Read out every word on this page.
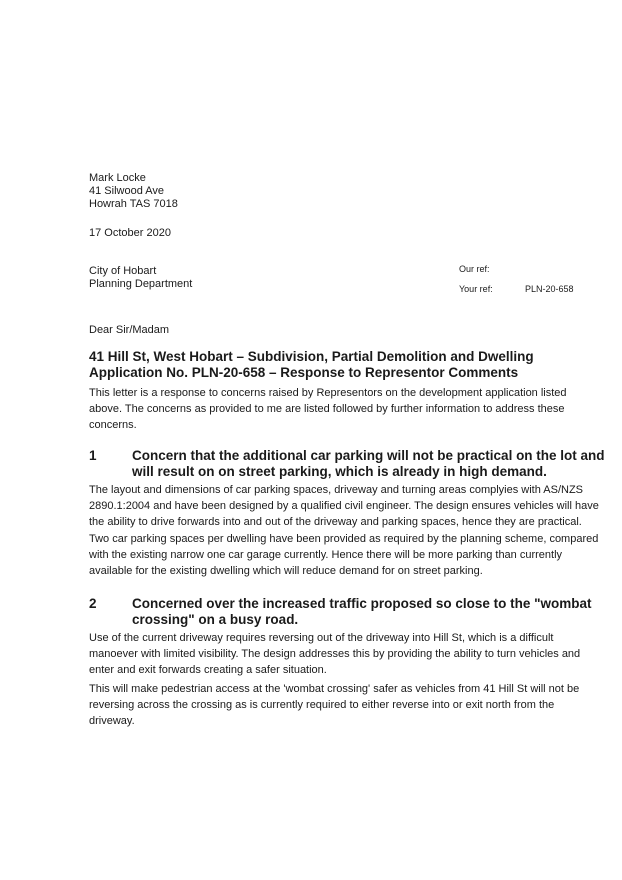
Mark Locke
41 Silwood Ave
Howrah TAS 7018
17 October 2020
City of Hobart
Planning Department
Our ref:
Your ref:	PLN-20-658
Dear Sir/Madam
41 Hill St, West Hobart – Subdivision, Partial Demolition and Dwelling
Application No. PLN-20-658 – Response to Representor Comments
This letter is a response to concerns raised by Representors on the development application listed
above. The concerns as provided to me are listed followed by further information to address these
concerns.
1	Concern that the additional car parking will not be practical on the lot and
will result on on street parking, which is already in high demand.
The layout and dimensions of car parking spaces, driveway and turning areas complyies with AS/NZS
2890.1:2004 and have been designed by a qualified civil engineer. The design ensures vehicles will have
the ability to drive forwards into and out of the driveway and parking spaces, hence they are practical.
Two car parking spaces per dwelling have been provided as required by the planning scheme, compared
with the existing narrow one car garage currently. Hence there will be more parking than currently
available for the existing dwelling which will reduce demand for on street parking.
2	Concerned over the increased traffic proposed so close to the "wombat
crossing" on a busy road.
Use of the current driveway requires reversing out of the driveway into Hill St, which is a difficult
manoever with limited visibility. The design addresses this by providing the ability to turn vehicles and
enter and exit forwards creating a safer situation.
This will make pedestrian access at the 'wombat crossing' safer as vehicles from 41 Hill St will not be
reversing across the crossing as is currently required to either reverse into or exit north from the
driveway.
